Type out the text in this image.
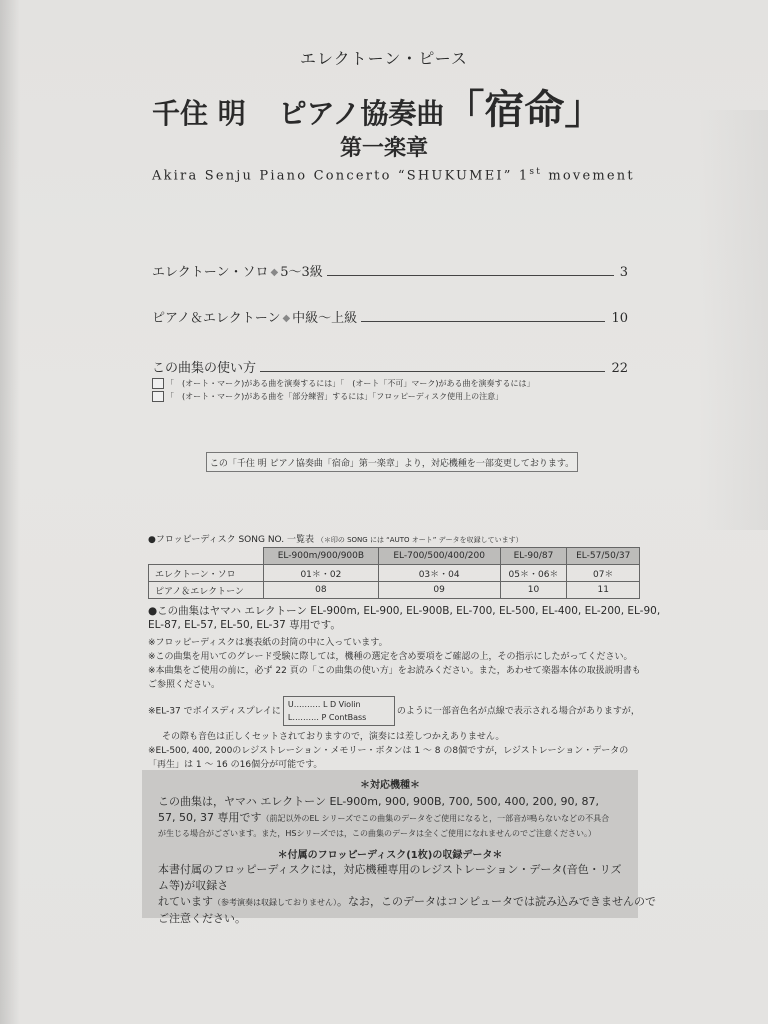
エレクトーン・ピース
千住 明 ピアノ協奏曲「宿命」
第一楽章
Akira Senju Piano Concerto “SHUKUMEI” 1st movement
エレクトーン・ソロ ◆ 5～3級	3
ピアノ＆エレクトーン ◆ 中級～上級	10
この曲集の使い方	22
「　(オート・マーク)がある曲を演奏するには」「　(オート「不可」マーク)がある曲を演奏するには」
「　(オート・マーク)がある曲を「部分練習」するには」「フロッピーディスク使用上の注意」
この「千住 明 ピアノ協奏曲「宿命」第一楽章」より，対応機種を一部変更しております。
●フロッピーディスク SONG NO. 一覧表 （＊印の SONG には “AUTO オート” データを収録しています）
	EL-900m/900/900B	EL-700/500/400/200	EL-90/87	EL-57/50/37
エレクトーン・ソロ	01＊・02	03＊・04	05＊・06＊	07＊
ピアノ＆エレクトーン	08	09	10	11
●この曲集はヤマハ エレクトーン EL-900m, EL-900, EL-900B, EL-700, EL-500, EL-400, EL-200, EL-90,
EL-87, EL-57, EL-50, EL-37 専用です。
※フロッピーディスクは裏表紙の封筒の中に入っています。
※この曲集を用いてのグレード受験に際しては，機種の選定を含め要項をご確認の上，その指示にしたがってください。
※本曲集をご使用の前に，必ず 22 頁の「この曲集の使い方」をお読みください。また，あわせて楽器本体の取扱説明書も
ご参照ください。
※EL-37 でボイスディスプレイに
U‥‥‥‥‥ L D Violin
L‥‥‥‥‥ P ContBass
のように一部音色名が点線で表示される場合がありますが，
その際も音色は正しくセットされておりますので，演奏には差しつかえありません。
※EL-500, 400, 200のレジストレーション・メモリー・ボタンは 1 ～ 8 の8個ですが，レジストレーション・データの
「再生」は 1 ～ 16 の16個分が可能です。
＊対応機種＊
この曲集は，ヤマハ エレクトーン EL-900m, 900, 900B, 700, 500, 400, 200, 90, 87,
57, 50, 37 専用です（前記以外のEL シリーズでこの曲集のデータをご使用になると，一部音が鳴らないなどの不具合
が生じる場合がございます。また，HSシリーズでは，この曲集のデータは全くご使用になれませんのでご注意ください。）
＊付属のフロッピーディスク(1枚)の収録データ＊
本書付属のフロッピーディスクには，対応機種専用のレジストレーション・データ(音色・リズム等)が収録さ
れています（参考演奏は収録しておりません）。なお，このデータはコンピュータでは読み込みできませんので
ご注意ください。
